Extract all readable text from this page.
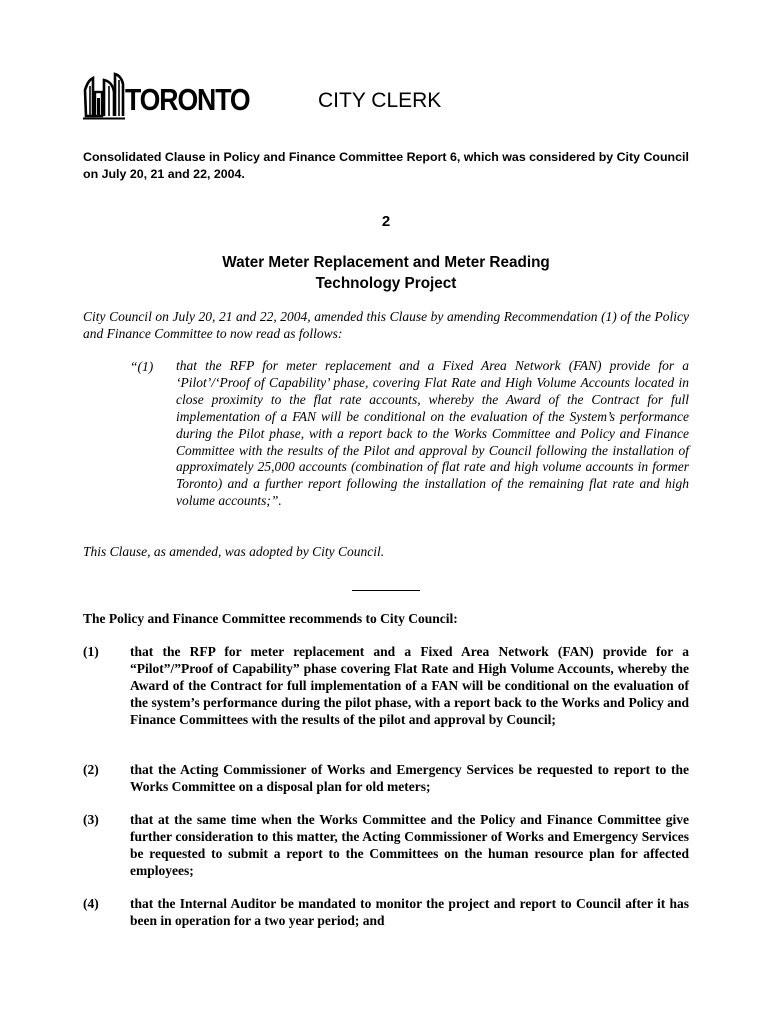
TORONTO	CITY CLERK
Consolidated Clause in Policy and Finance Committee Report 6, which was considered by City Council on July 20, 21 and 22, 2004.
2
Water Meter Replacement and Meter Reading
Technology Project
City Council on July 20, 21 and 22, 2004, amended this Clause by amending Recommendation (1) of the Policy and Finance Committee to now read as follows:
“(1) that the RFP for meter replacement and a Fixed Area Network (FAN) provide for a ‘Pilot’/‘Proof of Capability’ phase, covering Flat Rate and High Volume Accounts located in close proximity to the flat rate accounts, whereby the Award of the Contract for full implementation of a FAN will be conditional on the evaluation of the System’s performance during the Pilot phase, with a report back to the Works Committee and Policy and Finance Committee with the results of the Pilot and approval by Council following the installation of approximately 25,000 accounts (combination of flat rate and high volume accounts in former Toronto) and a further report following the installation of the remaining flat rate and high volume accounts;”.
This Clause, as amended, was adopted by City Council.
The Policy and Finance Committee recommends to City Council:
(1) that the RFP for meter replacement and a Fixed Area Network (FAN) provide for a “Pilot”/”Proof of Capability” phase covering Flat Rate and High Volume Accounts, whereby the Award of the Contract for full implementation of a FAN will be conditional on the evaluation of the system’s performance during the pilot phase, with a report back to the Works and Policy and Finance Committees with the results of the pilot and approval by Council;
(2) that the Acting Commissioner of Works and Emergency Services be requested to report to the Works Committee on a disposal plan for old meters;
(3) that at the same time when the Works Committee and the Policy and Finance Committee give further consideration to this matter, the Acting Commissioner of Works and Emergency Services be requested to submit a report to the Committees on the human resource plan for affected employees;
(4) that the Internal Auditor be mandated to monitor the project and report to Council after it has been in operation for a two year period; and
